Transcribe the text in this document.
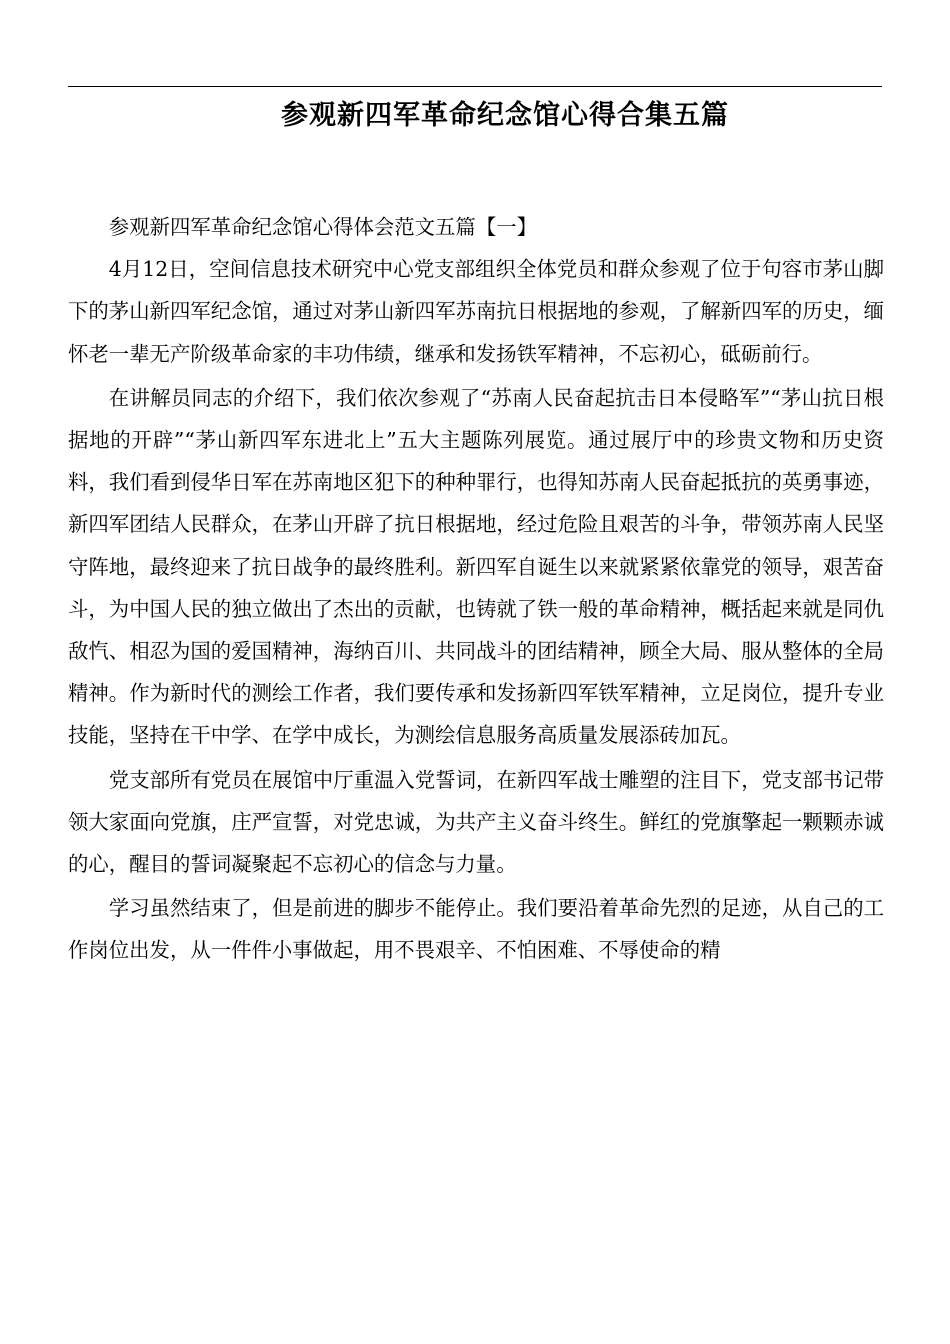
参观新四军革命纪念馆心得合集五篇

参观新四军革命纪念馆心得体会范文五篇【一】

4月12日，空间信息技术研究中心党支部组织全体党员和群众参观了位于句容市茅山脚下的茅山新四军纪念馆，通过对茅山新四军苏南抗日根据地的参观，了解新四军的历史，缅怀老一辈无产阶级革命家的丰功伟绩，继承和发扬铁军精神，不忘初心，砥砺前行。

在讲解员同志的介绍下，我们依次参观了“苏南人民奋起抗击日本侵略军”“茅山抗日根据地的开辟”“茅山新四军东进北上”五大主题陈列展览。通过展厅中的珍贵文物和历史资料，我们看到侵华日军在苏南地区犯下的种种罪行，也得知苏南人民奋起抵抗的英勇事迹，新四军团结人民群众，在茅山开辟了抗日根据地，经过危险且艰苦的斗争，带领苏南人民坚守阵地，最终迎来了抗日战争的最终胜利。新四军自诞生以来就紧紧依靠党的领导，艰苦奋斗，为中国人民的独立做出了杰出的贡献，也铸就了铁一般的革命精神，概括起来就是同仇敌忾、相忍为国的爱国精神，海纳百川、共同战斗的团结精神，顾全大局、服从整体的全局精神。作为新时代的测绘工作者，我们要传承和发扬新四军铁军精神，立足岗位，提升专业技能，坚持在干中学、在学中成长，为测绘信息服务高质量发展添砖加瓦。

党支部所有党员在展馆中厅重温入党誓词，在新四军战士雕塑的注目下，党支部书记带领大家面向党旗，庄严宣誓，对党忠诚，为共产主义奋斗终生。鲜红的党旗擎起一颗颗赤诚的心，醒目的誓词凝聚起不忘初心的信念与力量。

学习虽然结束了，但是前进的脚步不能停止。我们要沿着革命先烈的足迹，从自己的工作岗位出发，从一件件小事做起，用不畏艰辛、不怕困难、不辱使命的精
